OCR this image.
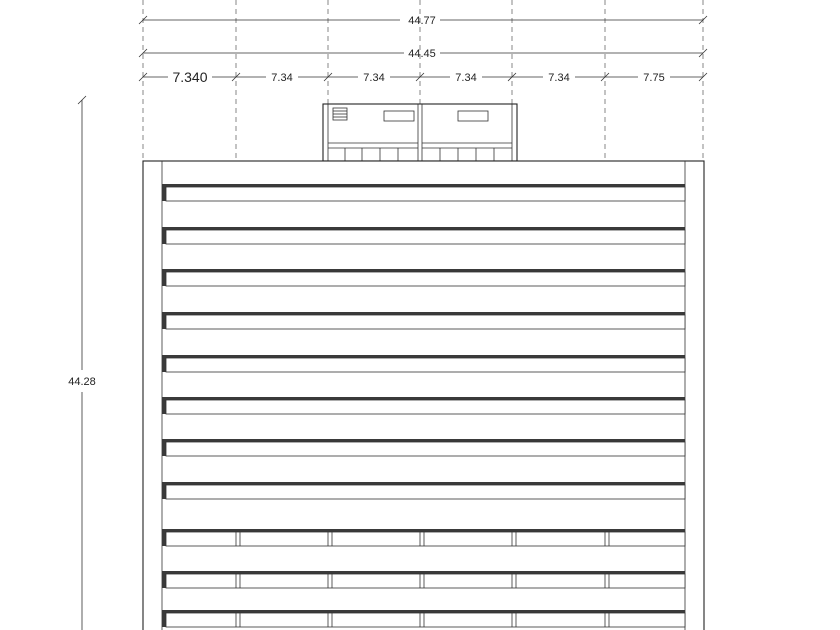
44.77
44.45
7.340	7.34	7.34	7.34	7.34	7.75
44.28
